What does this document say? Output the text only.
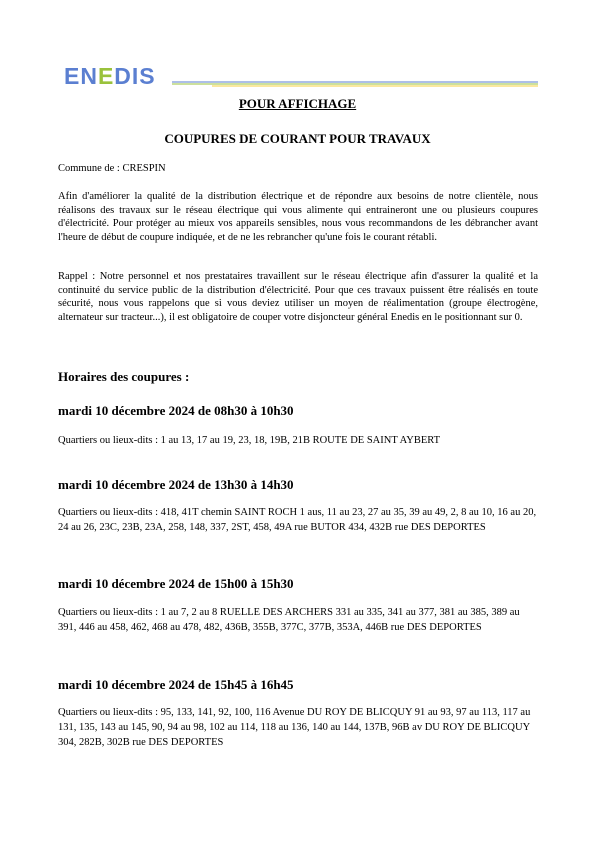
ENEDIS
POUR AFFICHAGE
COUPURES DE COURANT POUR TRAVAUX
Commune de : CRESPIN
Afin d'améliorer la qualité de la distribution électrique et de répondre aux besoins de notre clientèle, nous réalisons des travaux sur le réseau électrique qui vous alimente qui entraineront une ou plusieurs coupures d'électricité. Pour protéger au mieux vos appareils sensibles, nous vous recommandons de les débrancher avant l'heure de début de coupure indiquée, et de ne les rebrancher qu'une fois le courant rétabli.
Rappel : Notre personnel et nos prestataires travaillent sur le réseau électrique afin d'assurer la qualité et la continuité du service public de la distribution d'électricité. Pour que ces travaux puissent être réalisés en toute sécurité, nous vous rappelons que si vous deviez utiliser un moyen de réalimentation (groupe électrogène, alternateur sur tracteur...), il est obligatoire de couper votre disjoncteur général Enedis en le positionnant sur 0.
Horaires des coupures :
mardi 10 décembre 2024 de 08h30 à 10h30
Quartiers ou lieux-dits : 1 au 13, 17 au 19, 23, 18, 19B, 21B ROUTE DE SAINT AYBERT
mardi 10 décembre 2024 de 13h30 à 14h30
Quartiers ou lieux-dits : 418, 41T chemin SAINT ROCH 1 aus, 11 au 23, 27 au 35, 39 au 49, 2, 8 au 10, 16 au 20, 24 au 26, 23C, 23B, 23A, 258, 148, 337, 2ST, 458, 49A rue BUTOR 434, 432B rue DES DEPORTES
mardi 10 décembre 2024 de 15h00 à 15h30
Quartiers ou lieux-dits : 1 au 7, 2 au 8 RUELLE DES ARCHERS 331 au 335, 341 au 377, 381 au 385, 389 au 391, 446 au 458, 462, 468 au 478, 482, 436B, 355B, 377C, 377B, 353A, 446B rue DES DEPORTES
mardi 10 décembre 2024 de 15h45 à 16h45
Quartiers ou lieux-dits : 95, 133, 141, 92, 100, 116 Avenue DU ROY DE BLICQUY 91 au 93, 97 au 113, 117 au 131, 135, 143 au 145, 90, 94 au 98, 102 au 114, 118 au 136, 140 au 144, 137B, 96B av DU ROY DE BLICQUY 304, 282B, 302B rue DES DEPORTES
